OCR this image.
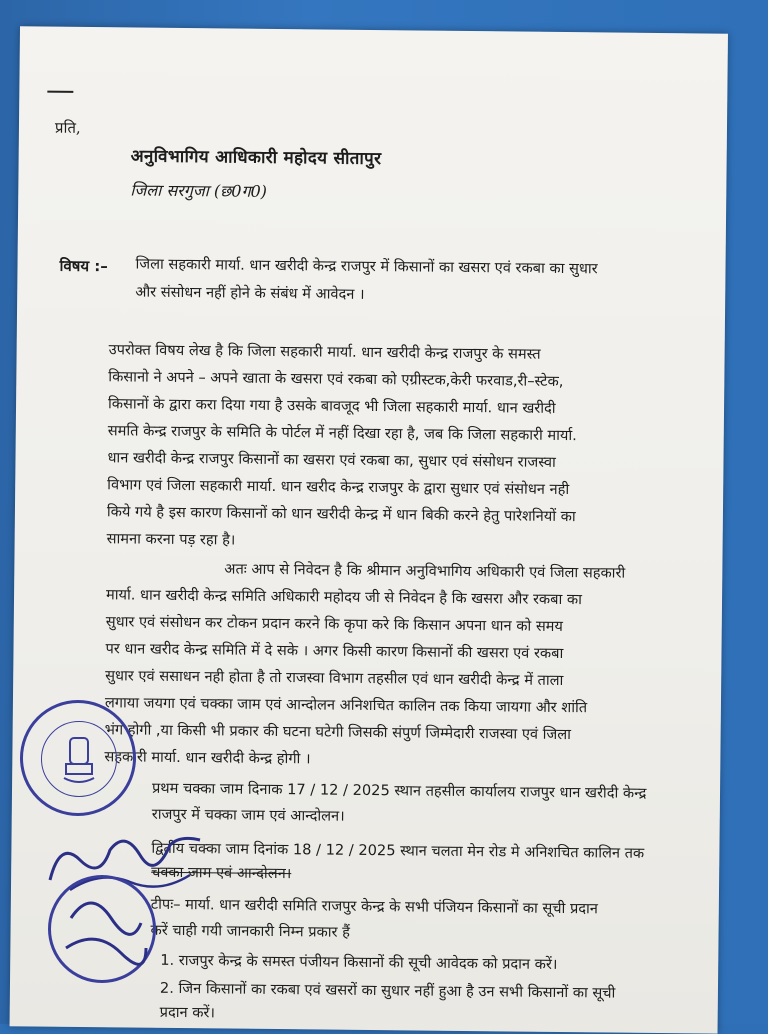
प्रति,
अनुविभागिय आधिकारी महोदय सीतापुर
जिला सरगुजा (छ0ग0)
विषय :– जिला सहकारी मार्या. धान खरीदी केन्द्र राजपुर में किसानों का खसरा एवं रकबा का सुधार
और संसोधन नहीं होने के संबंध में आवेदन ।
उपरोक्त विषय लेख है कि जिला सहकारी मार्या. धान खरीदी केन्द्र राजपुर के समस्त
किसानो ने अपने – अपने खाता के खसरा एवं रकबा को एग्रीस्टक,केरी फरवाड,री–स्टेक,
किसानों के द्वारा करा दिया गया है उसके बावजूद भी जिला सहकारी मार्या. धान खरीदी
समति केन्द्र राजपुर के समिति के पोर्टल में नहीं दिखा रहा है, जब कि जिला सहकारी मार्या.
धान खरीदी केन्द्र राजपुर किसानों का खसरा एवं रकबा का, सुधार एवं संसोधन राजस्वा
विभाग एवं जिला सहकारी मार्या. धान खरीद केन्द्र राजपुर के द्वारा सुधार एवं संसोधन नही
किये गये है इस कारण किसानों को धान खरीदी केन्द्र में धान बिकी करने हेतु पारेशनियों का
सामना करना पड़ रहा है।
अतः आप से निवेदन है कि श्रीमान अनुविभागिय अधिकारी एवं जिला सहकारी
मार्या. धान खरीदी केन्द्र समिति अधिकारी महोदय जी से निवेदन है कि खसरा और रकबा का
सुधार एवं संसोधन कर टोकन प्रदान करने कि कृपा करे कि किसान अपना धान को समय
पर धान खरीद केन्द्र समिति में दे सके । अगर किसी कारण किसानों की खसरा एवं रकबा
सुधार एवं ससाधन नही होता है तो राजस्वा विभाग तहसील एवं धान खरीदी केन्द्र में ताला
लगाया जयगा एवं चक्का जाम एवं आन्दोलन अनिशचित कालिन तक किया जायगा और शांति
भंग होगी ,या किसी भी प्रकार की घटना घटेगी जिसकी संपुर्ण जिम्मेदारी राजस्वा एवं जिला
सहकारी मार्या. धान खरीदी केन्द्र होगी ।
प्रथम चक्का जाम दिनाक 17 / 12 / 2025 स्थान तहसील कार्यालय राजपुर धान खरीदी केन्द्र
राजपुर में चक्का जाम एवं आन्दोलन।
द्वितीय चक्का जाम दिनांक 18 / 12 / 2025 स्थान चलता मेन रोड मे अनिशचित कालिन तक
चक्का जाम एवं आन्दोलन।
टीपः– मार्या. धान खरीदी समिति राजपुर केन्द्र के सभी पंजियन किसानों का सूची प्रदान
करें चाही गयी जानकारी निम्न प्रकार हैं
1. राजपुर केन्द्र के समस्त पंजीयन किसानों की सूची आवेदक को प्रदान करें।
2. जिन किसानों का रकबा एवं खसरों का सुधार नहीं हुआ है उन सभी किसानों का सूची
प्रदान करें।
